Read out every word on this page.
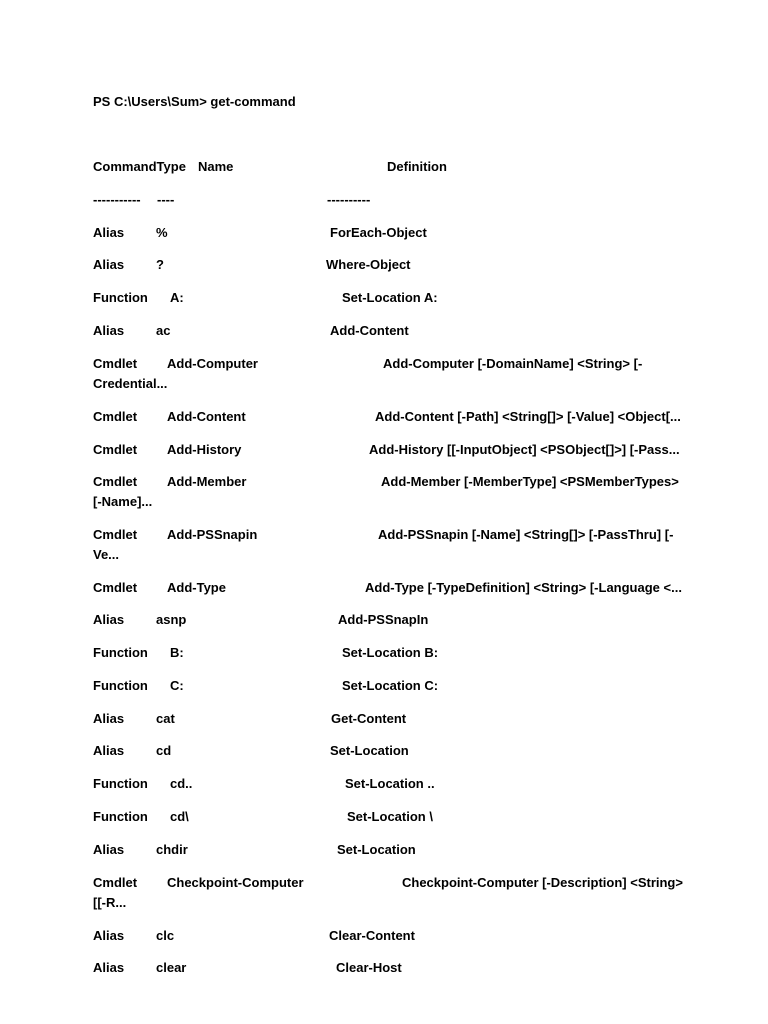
PS C:\Users\Sum> get-command
CommandType Name	Definition
----------- ----	----------
Alias %	ForEach-Object
Alias ?	Where-Object
Function A:	Set-Location A:
Alias ac	Add-Content
Cmdlet Add-Computer	Add-Computer [-DomainName] <String> [-
Credential...
Cmdlet Add-Content	Add-Content [-Path] <String[]> [-Value] <Object[...
Cmdlet Add-History	Add-History [[-InputObject] <PSObject[]>] [-Pass...
Cmdlet Add-Member	Add-Member [-MemberType] <PSMemberTypes>
[-Name]...
Cmdlet Add-PSSnapin	Add-PSSnapin [-Name] <String[]> [-PassThru] [-
Ve...
Cmdlet Add-Type	Add-Type [-TypeDefinition] <String> [-Language <...
Alias asnp	Add-PSSnapIn
Function B:	Set-Location B:
Function C:	Set-Location C:
Alias cat	Get-Content
Alias cd	Set-Location
Function cd..	Set-Location ..
Function cd\	Set-Location \
Alias chdir	Set-Location
Cmdlet Checkpoint-Computer	Checkpoint-Computer [-Description] <String>
[[-R...
Alias clc	Clear-Content
Alias clear	Clear-Host
